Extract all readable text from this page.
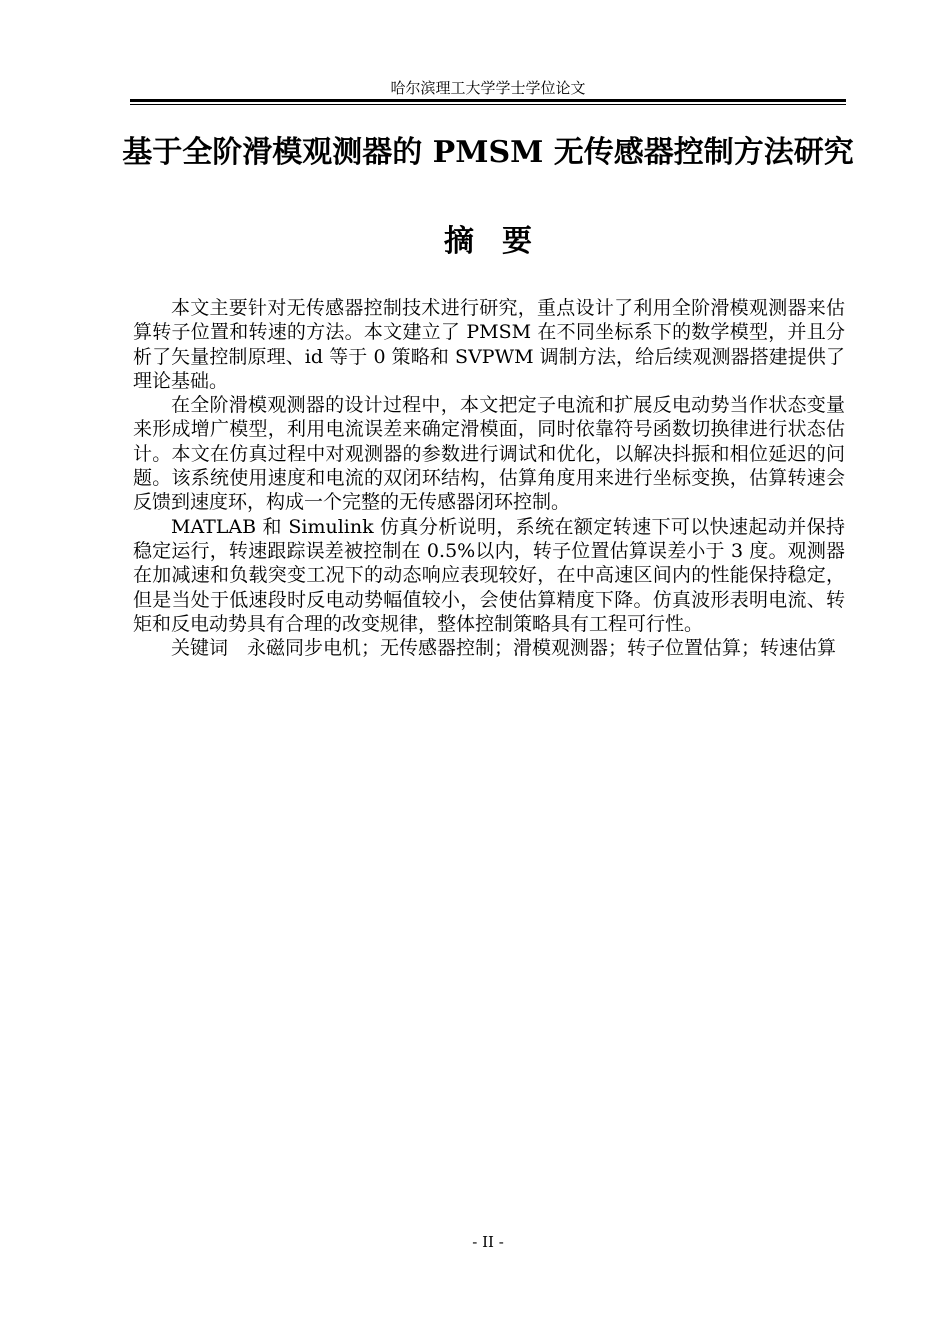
哈尔滨理工大学学士学位论文
基于全阶滑模观测器的 PMSM 无传感器控制方法研究
摘要

本文主要针对无传感器控制技术进行研究，重点设计了利用全阶滑模观测器来估算转子位置和转速的方法。本文建立了 PMSM 在不同坐标系下的数学模型，并且分析了矢量控制原理、id 等于 0 策略和 SVPWM 调制方法，给后续观测器搭建提供了理论基础。

在全阶滑模观测器的设计过程中，本文把定子电流和扩展反电动势当作状态变量来形成增广模型，利用电流误差来确定滑模面，同时依靠符号函数切换律进行状态估计。本文在仿真过程中对观测器的参数进行调试和优化，以解决抖振和相位延迟的问题。该系统使用速度和电流的双闭环结构，估算角度用来进行坐标变换，估算转速会反馈到速度环，构成一个完整的无传感器闭环控制。

MATLAB 和 Simulink 仿真分析说明，系统在额定转速下可以快速起动并保持稳定运行，转速跟踪误差被控制在 0.5%以内，转子位置估算误差小于 3 度。观测器在加减速和负载突变工况下的动态响应表现较好，在中高速区间内的性能保持稳定，但是当处于低速段时反电动势幅值较小，会使估算精度下降。仿真波形表明电流、转矩和反电动势具有合理的改变规律，整体控制策略具有工程可行性。

关键词 永磁同步电机；无传感器控制；滑模观测器；转子位置估算；转速估算

- II -
